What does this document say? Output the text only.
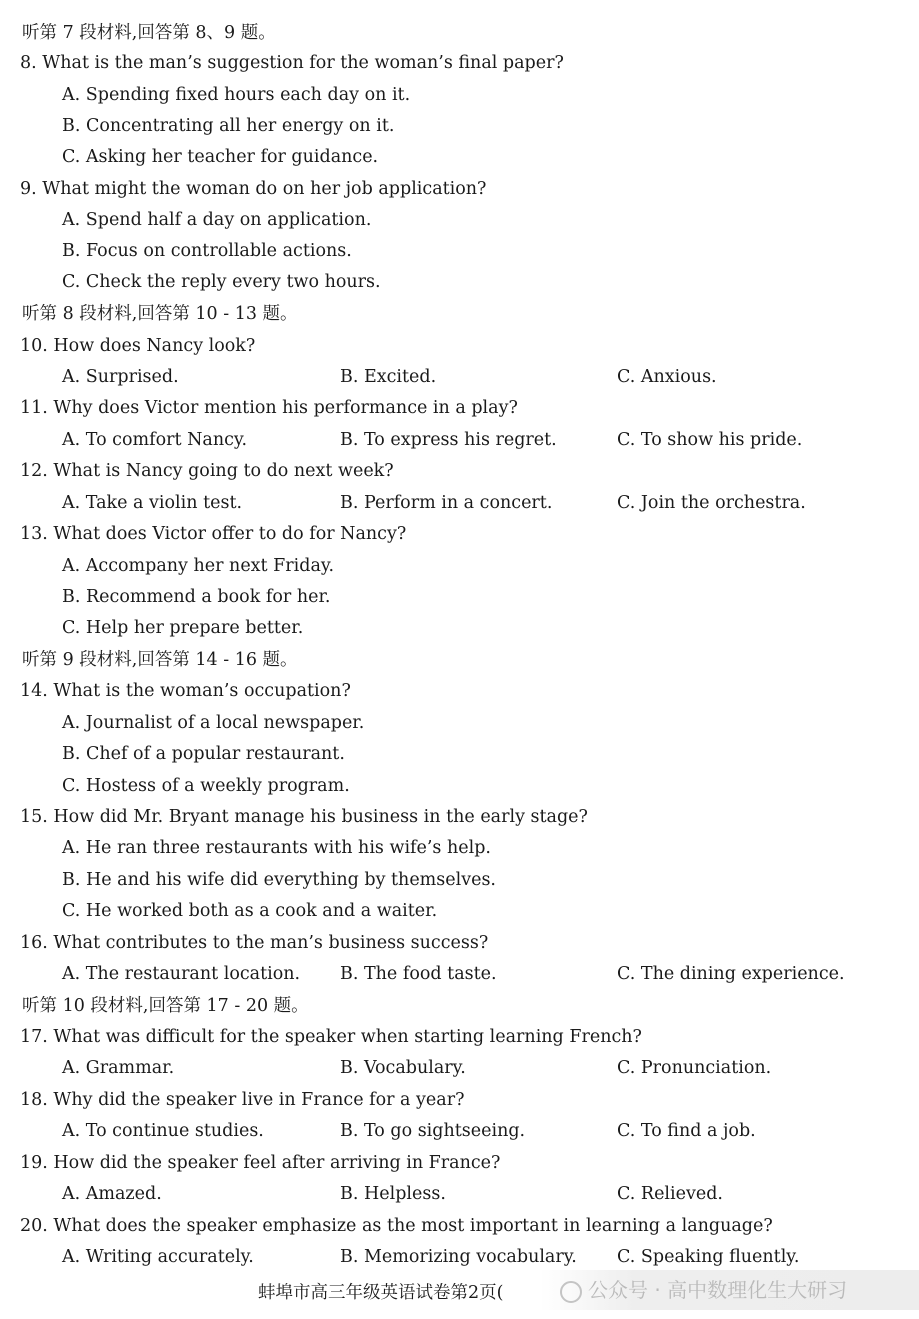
听第 7 段材料,回答第 8、9 题。
8. What is the man’s suggestion for the woman’s final paper?
A. Spending fixed hours each day on it.
B. Concentrating all her energy on it.
C. Asking her teacher for guidance.
9. What might the woman do on her job application?
A. Spend half a day on application.
B. Focus on controllable actions.
C. Check the reply every two hours.
听第 8 段材料,回答第 10 - 13 题。
10. How does Nancy look?
A. Surprised.	B. Excited.	C. Anxious.
11. Why does Victor mention his performance in a play?
A. To comfort Nancy.	B. To express his regret.	C. To show his pride.
12. What is Nancy going to do next week?
A. Take a violin test.	B. Perform in a concert.	C. Join the orchestra.
13. What does Victor offer to do for Nancy?
A. Accompany her next Friday.
B. Recommend a book for her.
C. Help her prepare better.
听第 9 段材料,回答第 14 - 16 题。
14. What is the woman’s occupation?
A. Journalist of a local newspaper.
B. Chef of a popular restaurant.
C. Hostess of a weekly program.
15. How did Mr. Bryant manage his business in the early stage?
A. He ran three restaurants with his wife’s help.
B. He and his wife did everything by themselves.
C. He worked both as a cook and a waiter.
16. What contributes to the man’s business success?
A. The restaurant location. B. The food taste.	C. The dining experience.
听第 10 段材料,回答第 17 - 20 题。
17. What was difficult for the speaker when starting learning French?
A. Grammar.	B. Vocabulary.	C. Pronunciation.
18. Why did the speaker live in France for a year?
A. To continue studies.	B. To go sightseeing.	C. To find a job.
19. How did the speaker feel after arriving in France?
A. Amazed.	B. Helpless.	C. Relieved.
20. What does the speaker emphasize as the most important in learning a language?
A. Writing accurately.	B. Memorizing vocabulary. C. Speaking fluently.
蚌埠市高三年级英语试卷第2页(	公众号 · 高中数理化生大研习
